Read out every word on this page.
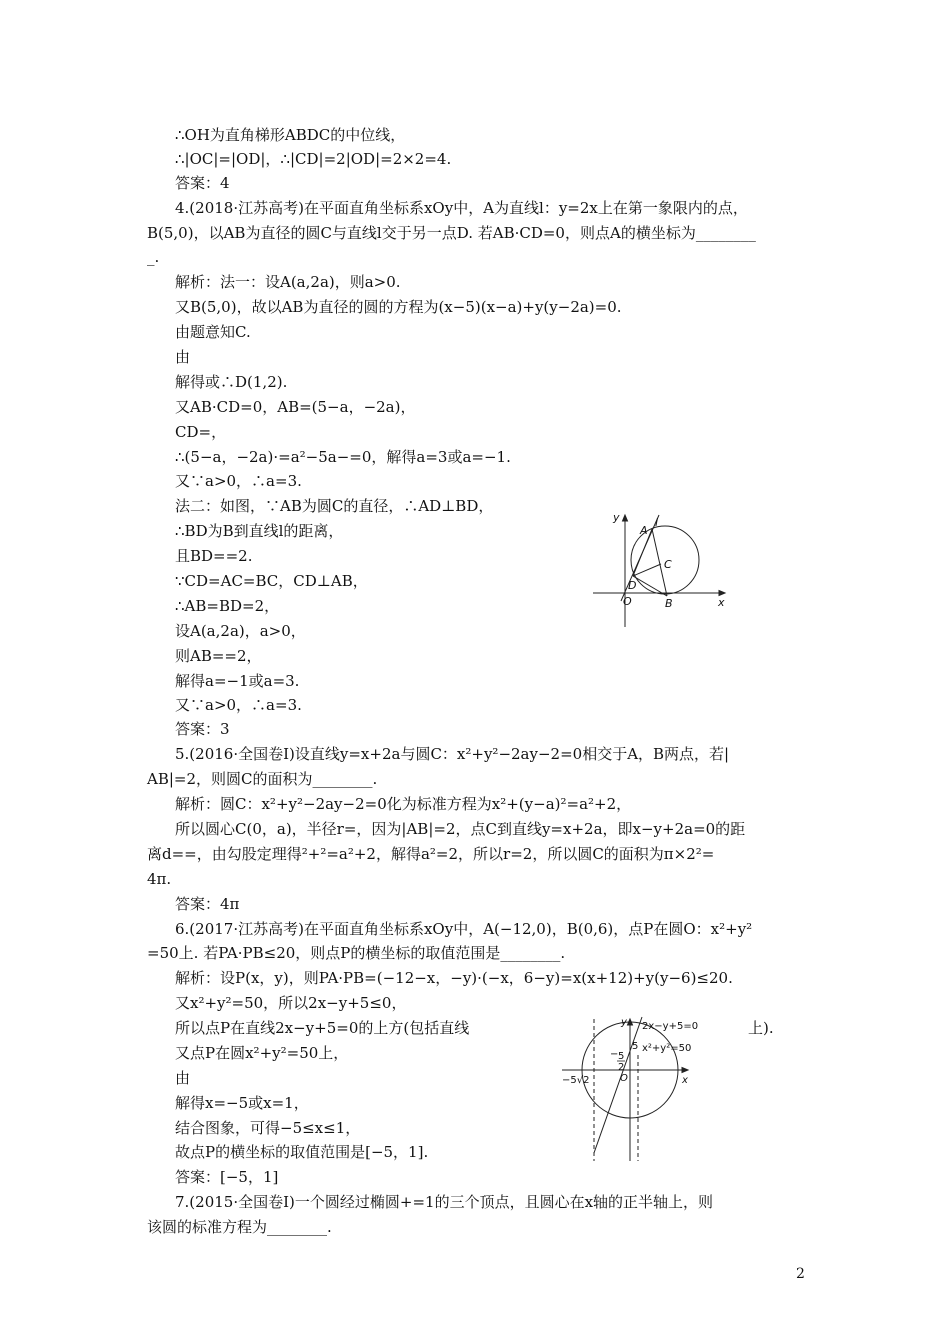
∴OH为直角梯形ABDC的中位线，
∴|OC|=|OD|，∴|CD|=2|OD|=2×2=4.
答案：4
4.(2018·江苏高考)在平面直角坐标系xOy中，A为直线l：y=2x上在第一象限内的点，
B(5,0)，以AB为直径的圆C与直线l交于另一点D. 若AB·CD=0，则点A的横坐标为________
_.
解析：法一：设A(a,2a)，则a>0.
又B(5,0)，故以AB为直径的圆的方程为(x−5)(x−a)+y(y−2a)=0.
由题意知C.
由
解得或∴D(1,2).
又AB·CD=0，AB=(5−a，−2a)，
CD=，
∴(5−a，−2a)·=a²−5a−=0，解得a=3或a=−1.
又∵a>0，∴a=3.
法二：如图，∵AB为圆C的直径，∴AD⊥BD，
∴BD为B到直线l的距离，
且BD==2.
∵CD=AC=BC，CD⊥AB，
∴AB=BD=2，
设A(a,2a)，a>0，
则AB==2，
解得a=−1或a=3.
又∵a>0，∴a=3.
答案：3
5.(2016·全国卷Ⅰ)设直线y=x+2a与圆C：x²+y²−2ay−2=0相交于A，B两点，若|
AB|=2，则圆C的面积为________.
解析：圆C：x²+y²−2ay−2=0化为标准方程为x²+(y−a)²=a²+2，
所以圆心C(0，a)，半径r=，因为|AB|=2，点C到直线y=x+2a，即x−y+2a=0的距
离d==，由勾股定理得²+²=a²+2，解得a²=2，所以r=2，所以圆C的面积为π×2²=
4π.
答案：4π
6.(2017·江苏高考)在平面直角坐标系xOy中，A(−12,0)，B(0,6)，点P在圆O：x²+y²
=50上. 若PA·PB≤20，则点P的横坐标的取值范围是________.
解析：设P(x，y)，则PA·PB=(−12−x，−y)·(−x，6−y)=x(x+12)+y(y−6)≤20.
又x²+y²=50，所以2x−y+5≤0，
所以点P在直线2x−y+5=0的上方(包括直线	上).
又点P在圆x²+y²=50上，
由
解得x=−5或x=1，
结合图象，可得−5≤x≤1，
故点P的横坐标的取值范围是[−5，1].
答案：[−5，1]
7.(2015·全国卷Ⅰ)一个圆经过椭圆+=1的三个顶点，且圆心在x轴的正半轴上，则
该圆的标准方程为________.
y
A
l
C
D
O	B	x
y 2x−y+5=0
x²+y²=50
5
− 5
2
−5√2	O	x
2
